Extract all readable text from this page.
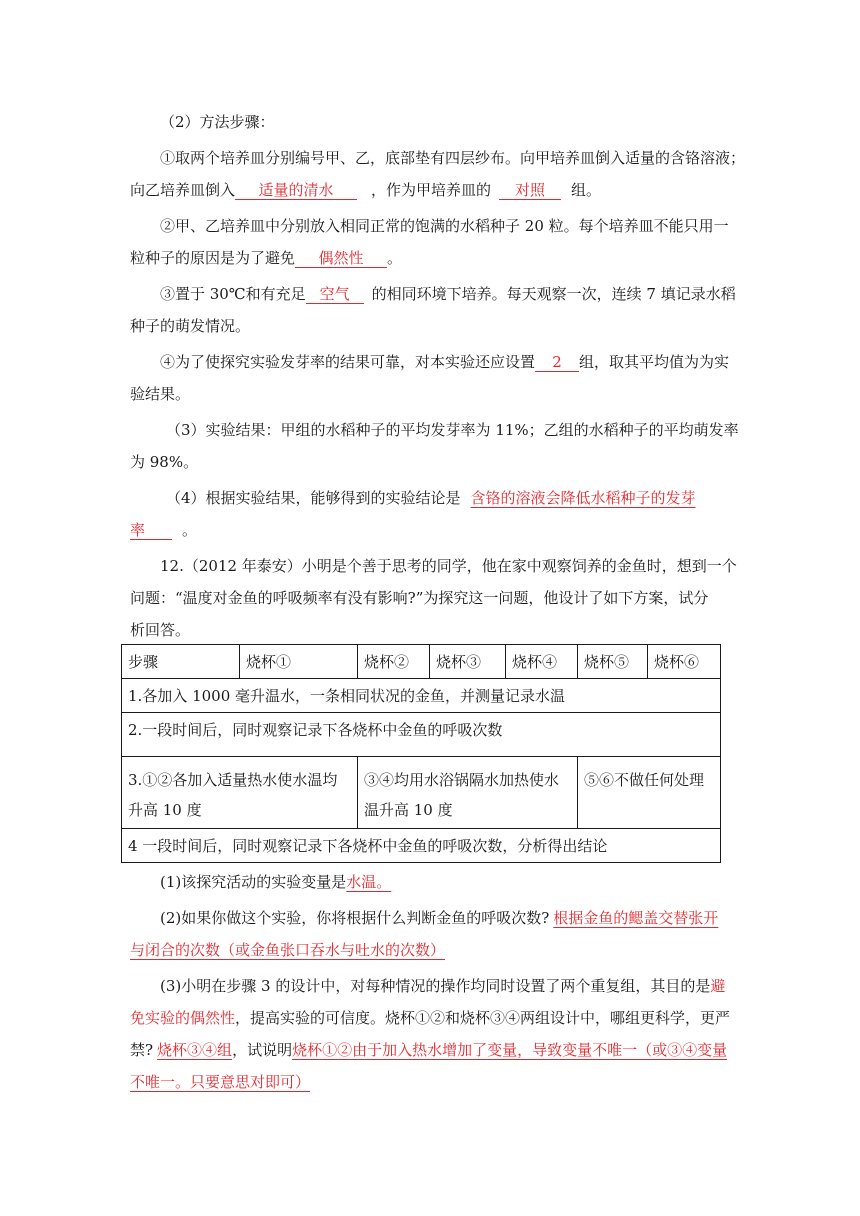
（2）方法步骤：
①取两个培养皿分别编号甲、乙，底部垫有四层纱布。向甲培养皿倒入适量的含铬溶液；
向乙培养皿倒入 适量的清水	，作为甲培养皿的 对照 组。
②甲、乙培养皿中分别放入相同正常的饱满的水稻种子 20 粒。每个培养皿不能只用一
粒种子的原因是为了避免 偶然性 。
③置于 30℃和有充足 空气 的相同环境下培养。每天观察一次，连续 7 填记录水稻
种子的萌发情况。
④为了使探究实验发芽率的结果可靠，对本实验还应设置 2 组，取其平均值为为实
验结果。
（3）实验结果：甲组的水稻种子的平均发芽率为 11%；乙组的水稻种子的平均萌发率
为 98%。
（4）根据实验结果，能够得到的实验结论是 含铬的溶液会降低水稻种子的发芽
率 。
12.（2012 年泰安）小明是个善于思考的同学，他在家中观察饲养的金鱼时，想到一个
问题：“温度对金鱼的呼吸频率有没有影响?”为探究这一问题，他设计了如下方案，试分
析回答。
步骤	烧杯①	烧杯②	烧杯③	烧杯④	烧杯⑤	烧杯⑥
1.各加入 1000 毫升温水，一条相同状况的金鱼，并测量记录水温						
2.一段时间后，同时观察记录下各烧杯中金鱼的呼吸次数						
3.①②各加入适量热水使水温均升高 10 度		③④均用水浴锅隔水加热使水温升高 10 度			⑤⑥不做任何处理	
4 一段时间后，同时观察记录下各烧杯中金鱼的呼吸次数，分析得出结论						
(1)该探究活动的实验变量是水温。
(2)如果你做这个实验，你将根据什么判断金鱼的呼吸次数? 根据金鱼的鳃盖交替张开
与闭合的次数（或金鱼张口吞水与吐水的次数）
(3)小明在步骤 3 的设计中，对每种情况的操作均同时设置了两个重复组，其目的是避
免实验的偶然性，提高实验的可信度。烧杯①②和烧杯③④两组设计中，哪组更科学，更严
禁? 烧杯③④组，试说明烧杯①②由于加入热水增加了变量，导致变量不唯一（或③④变量
不唯一。只要意思对即可）
